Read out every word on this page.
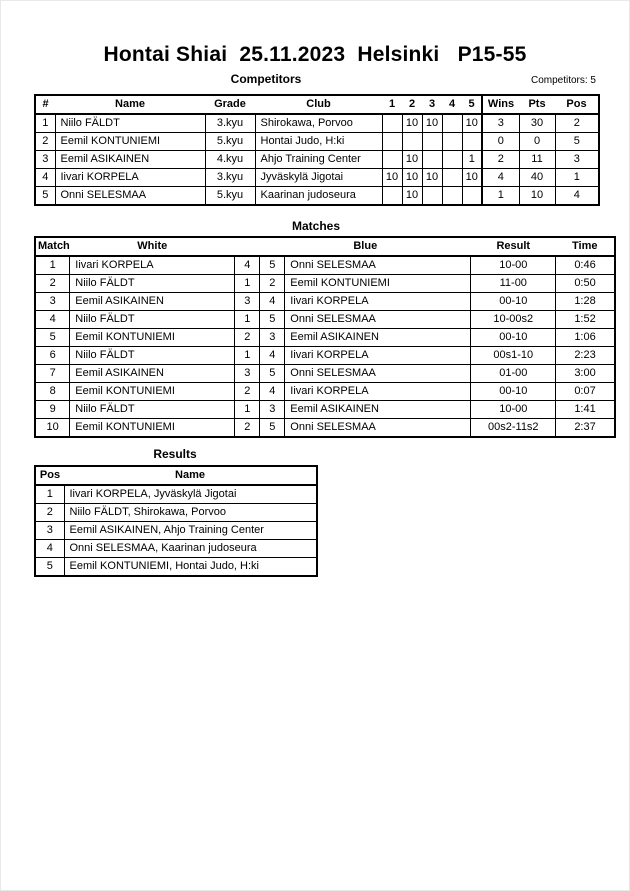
Hontai Shiai  25.11.2023  Helsinki   P15-55
Competitors	Competitors: 5
#	Name	Grade	Club	1	2	3	4	5	Wins	Pts	Pos
1	Niilo FÄLDT	3.kyu	Shirokawa, Porvoo		10	10		10	3	30	2
2	Eemil KONTUNIEMI	5.kyu	Hontai Judo, H:ki						0	0	5
3	Eemil ASIKAINEN	4.kyu	Ahjo Training Center		10			1	2	11	3
4	Iivari KORPELA	3.kyu	Jyväskylä Jigotai	10	10	10		10	4	40	1
5	Onni SELESMAA	5.kyu	Kaarinan judoseura		10				1	10	4
Matches
Match	White		Blue		Result	Time
1	Iivari KORPELA	4	5	Onni SELESMAA	10-00	0:46
2	Niilo FÄLDT	1	2	Eemil KONTUNIEMI	11-00	0:50
3	Eemil ASIKAINEN	3	4	Iivari KORPELA	00-10	1:28
4	Niilo FÄLDT	1	5	Onni SELESMAA	10-00s2	1:52
5	Eemil KONTUNIEMI	2	3	Eemil ASIKAINEN	00-10	1:06
6	Niilo FÄLDT	1	4	Iivari KORPELA	00s1-10	2:23
7	Eemil ASIKAINEN	3	5	Onni SELESMAA	01-00	3:00
8	Eemil KONTUNIEMI	2	4	Iivari KORPELA	00-10	0:07
9	Niilo FÄLDT	1	3	Eemil ASIKAINEN	10-00	1:41
10	Eemil KONTUNIEMI	2	5	Onni SELESMAA	00s2-11s2	2:37
Results
Pos	Name
1	Iivari KORPELA, Jyväskylä Jigotai
2	Niilo FÄLDT, Shirokawa, Porvoo
3	Eemil ASIKAINEN, Ahjo Training Center
4	Onni SELESMAA, Kaarinan judoseura
5	Eemil KONTUNIEMI, Hontai Judo, H:ki
